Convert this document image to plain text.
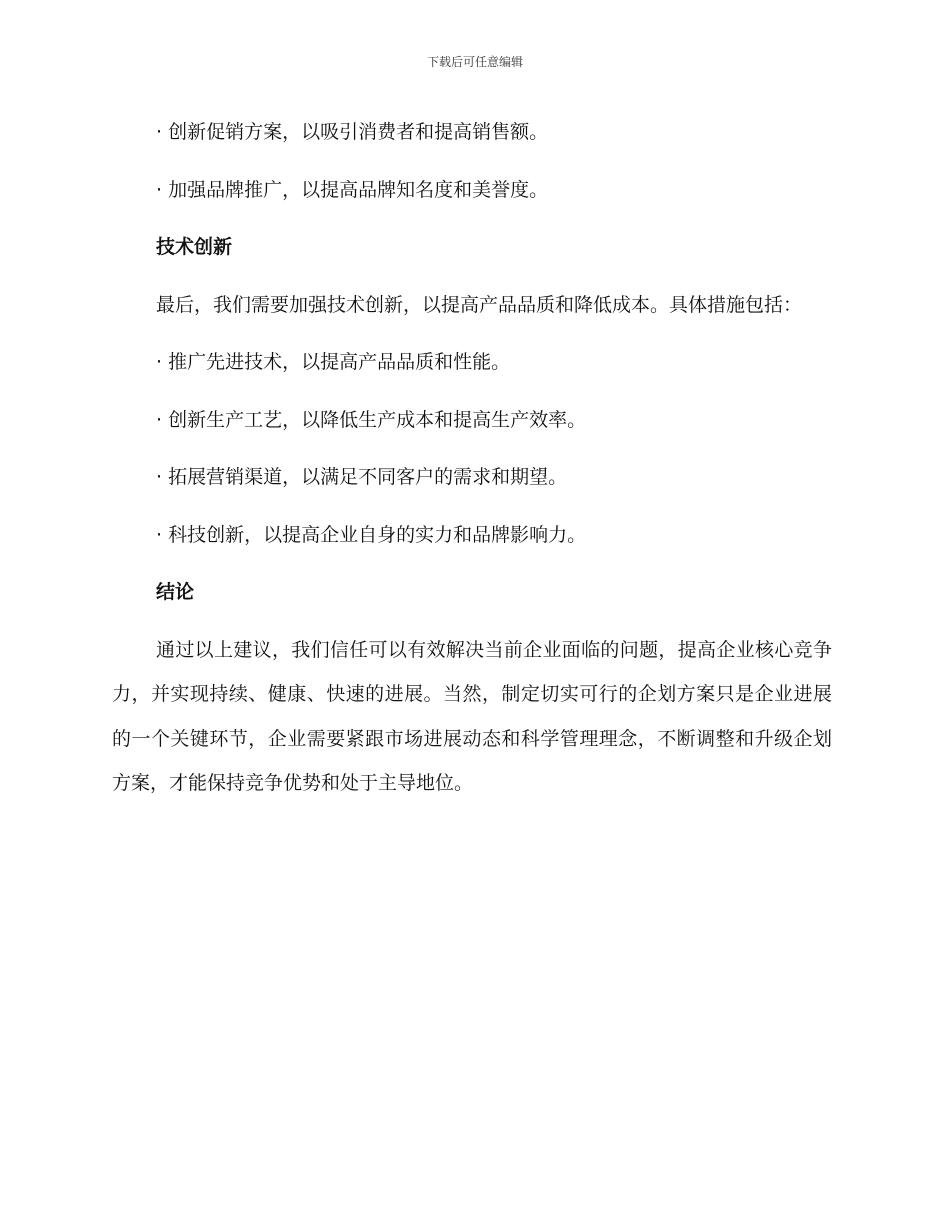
下载后可任意编辑

· 创新促销方案，以吸引消费者和提高销售额。

· 加强品牌推广，以提高品牌知名度和美誉度。

技术创新

最后，我们需要加强技术创新，以提高产品品质和降低成本。具体措施包括：

· 推广先进技术，以提高产品品质和性能。

· 创新生产工艺，以降低生产成本和提高生产效率。

· 拓展营销渠道，以满足不同客户的需求和期望。

· 科技创新，以提高企业自身的实力和品牌影响力。

结论

通过以上建议，我们信任可以有效解决当前企业面临的问题，提高企业核心竞争力，并实现持续、健康、快速的进展。当然，制定切实可行的企划方案只是企业进展的一个关键环节，企业需要紧跟市场进展动态和科学管理理念，不断调整和升级企划方案，才能保持竞争优势和处于主导地位。
